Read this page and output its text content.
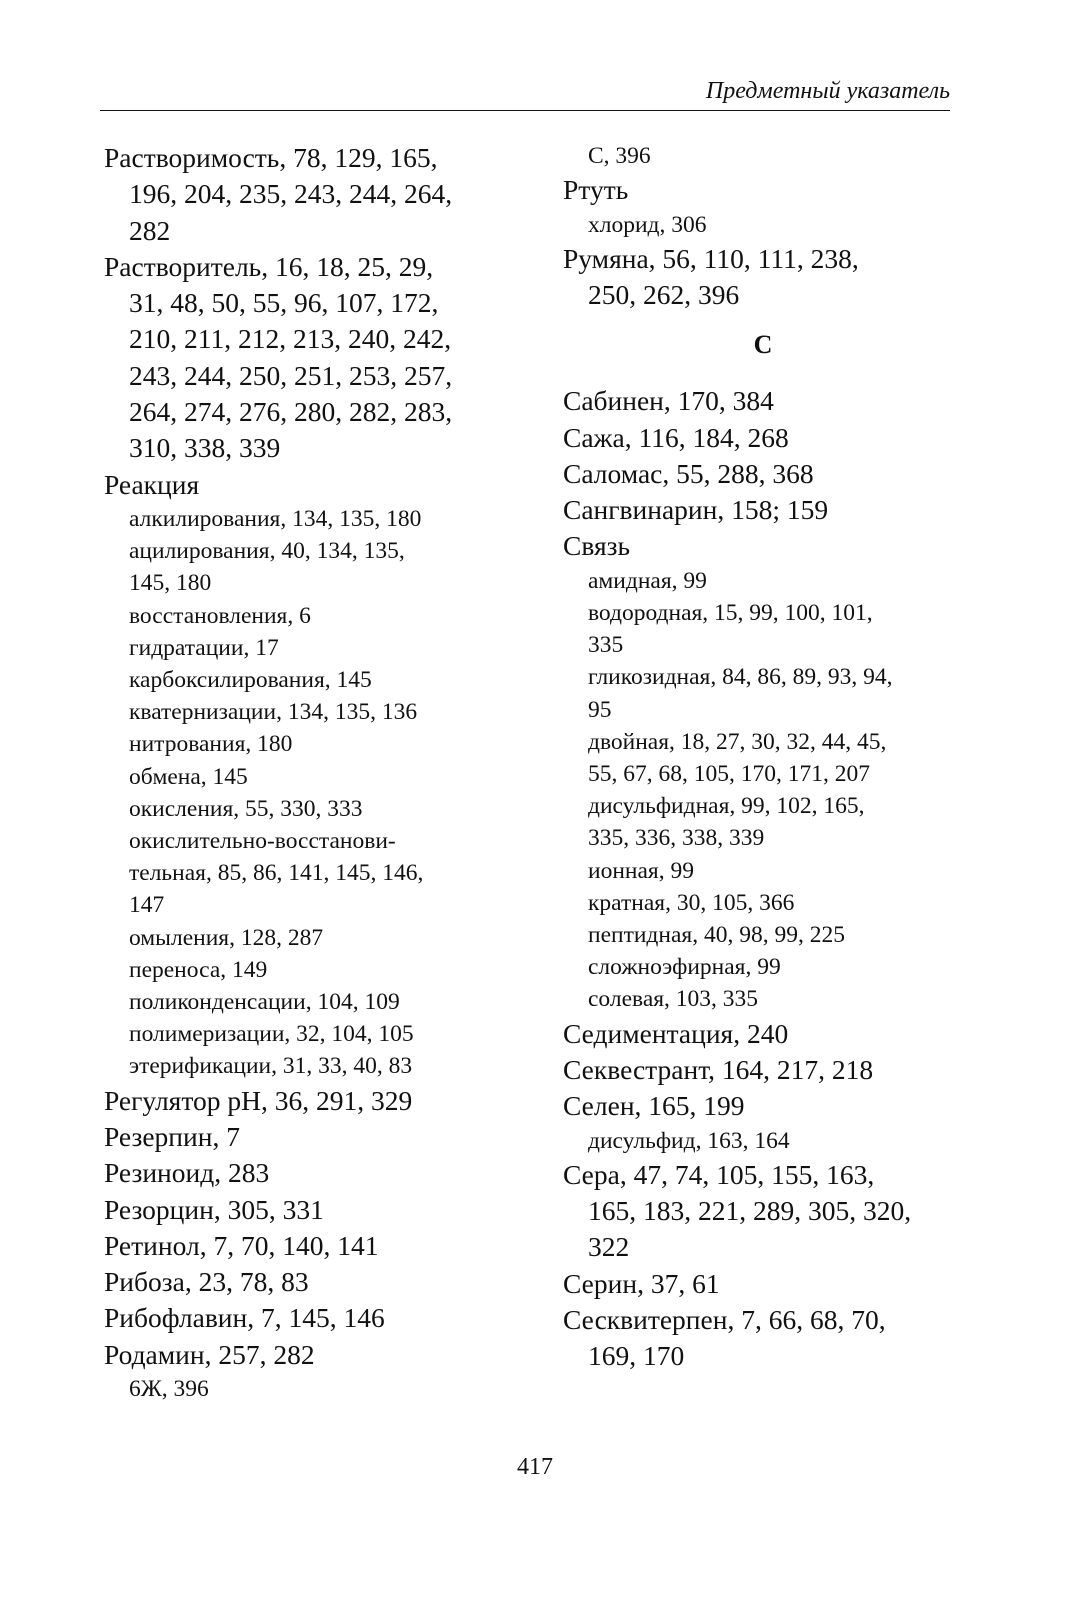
Предметный указатель
Растворимость, 78, 129, 165,
196, 204, 235, 243, 244, 264,
282
Растворитель, 16, 18, 25, 29,
31, 48, 50, 55, 96, 107, 172,
210, 211, 212, 213, 240, 242,
243, 244, 250, 251, 253, 257,
264, 274, 276, 280, 282, 283,
310, 338, 339
Реакция
алкилирования, 134, 135, 180
ацилирования, 40, 134, 135,
145, 180
восстановления, 6
гидратации, 17
карбоксилирования, 145
кватернизации, 134, 135, 136
нитрования, 180
обмена, 145
окисления, 55, 330, 333
окислительно-восстанови-
тельная, 85, 86, 141, 145, 146,
147
омыления, 128, 287
переноса, 149
поликонденсации, 104, 109
полимеризации, 32, 104, 105
этерификации, 31, 33, 40, 83
Регулятор pH, 36, 291, 329
Резерпин, 7
Резиноид, 283
Резорцин, 305, 331
Ретинол, 7, 70, 140, 141
Рибоза, 23, 78, 83
Рибофлавин, 7, 145, 146
Родамин, 257, 282
6Ж, 396
С, 396
Ртуть
хлорид, 306
Румяна, 56, 110, 111, 238,
250, 262, 396
С
Сабинен, 170, 384
Сажа, 116, 184, 268
Саломас, 55, 288, 368
Сангвинарин, 158; 159
Связь
амидная, 99
водородная, 15, 99, 100, 101,
335
гликозидная, 84, 86, 89, 93, 94,
95
двойная, 18, 27, 30, 32, 44, 45,
55, 67, 68, 105, 170, 171, 207
дисульфидная, 99, 102, 165,
335, 336, 338, 339
ионная, 99
кратная, 30, 105, 366
пептидная, 40, 98, 99, 225
сложноэфирная, 99
солевая, 103, 335
Седиментация, 240
Секвестрант, 164, 217, 218
Селен, 165, 199
дисульфид, 163, 164
Сера, 47, 74, 105, 155, 163,
165, 183, 221, 289, 305, 320,
322
Серин, 37, 61
Сесквитерпен, 7, 66, 68, 70,
169, 170
417
